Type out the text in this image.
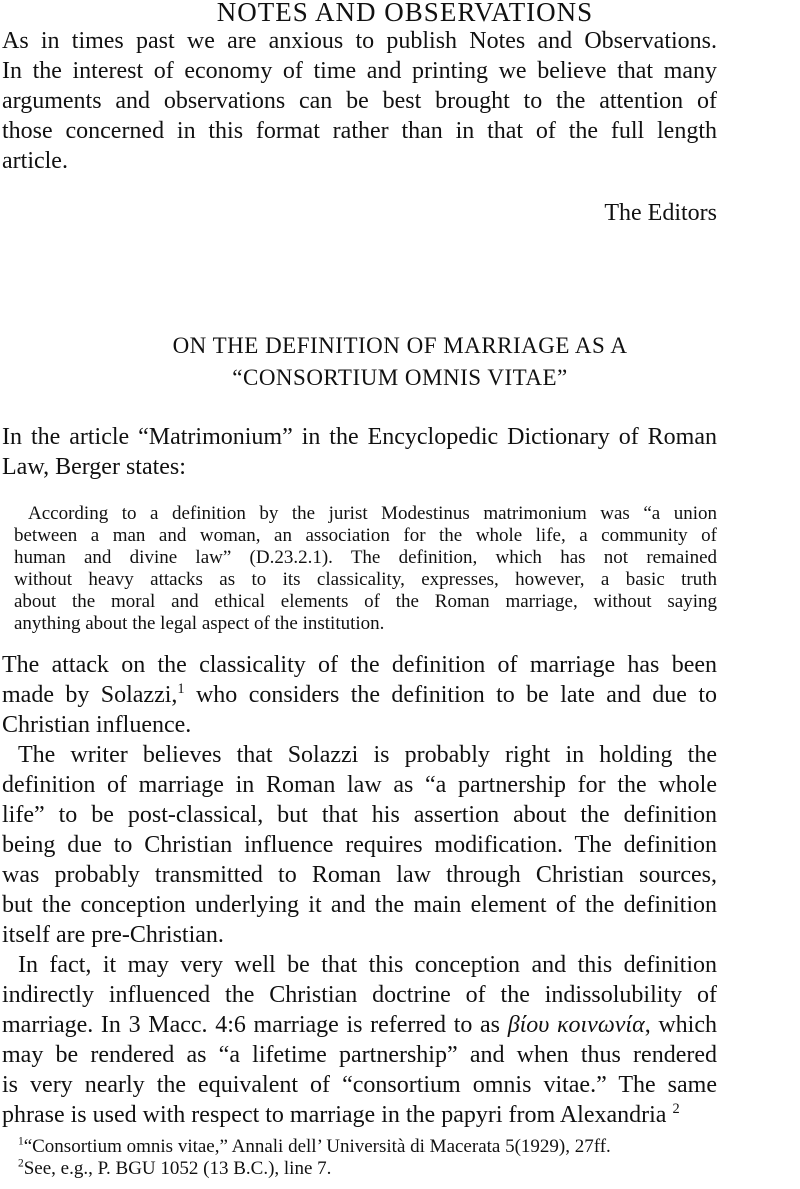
NOTES AND OBSERVATIONS
As in times past we are anxious to publish Notes and Observations.
In the interest of economy of time and printing we believe that many
arguments and observations can be best brought to the attention of
those concerned in this format rather than in that of the full length
article.
The Editors
ON THE DEFINITION OF MARRIAGE AS A
“CONSORTIUM OMNIS VITAE”
In the article “Matrimonium” in the Encyclopedic Dictionary of Roman
Law, Berger states:
According to a definition by the jurist Modestinus matrimonium was “a union
between a man and woman, an association for the whole life, a community of
human and divine law” (D.23.2.1). The definition, which has not remained
without heavy attacks as to its classicality, expresses, however, a basic truth
about the moral and ethical elements of the Roman marriage, without saying
anything about the legal aspect of the institution.
The attack on the classicality of the definition of marriage has been
made by Solazzi,$^1$ who considers the definition to be late and due to
Christian influence.
The writer believes that Solazzi is probably right in holding the
definition of marriage in Roman law as “a partnership for the whole
life” to be post-classical, but that his assertion about the definition
being due to Christian influence requires modification. The definition
was probably transmitted to Roman law through Christian sources,
but the conception underlying it and the main element of the definition
itself are pre-Christian.
In fact, it may very well be that this conception and this definition
indirectly influenced the Christian doctrine of the indissolubility of
marriage. In 3 Macc. 4:6 marriage is referred to as βίου κοινωνία, which
may be rendered as “a lifetime partnership” and when thus rendered
is very nearly the equivalent of “consortium omnis vitae.” The same
phrase is used with respect to marriage in the papyri from Alexandria $^2$
$^1$“Consortium omnis vitae,” Annali dell’ Università di Macerata 5(1929), 27ff.
$^2$See, e.g., P. BGU 1052 (13 B.C.), line 7.
